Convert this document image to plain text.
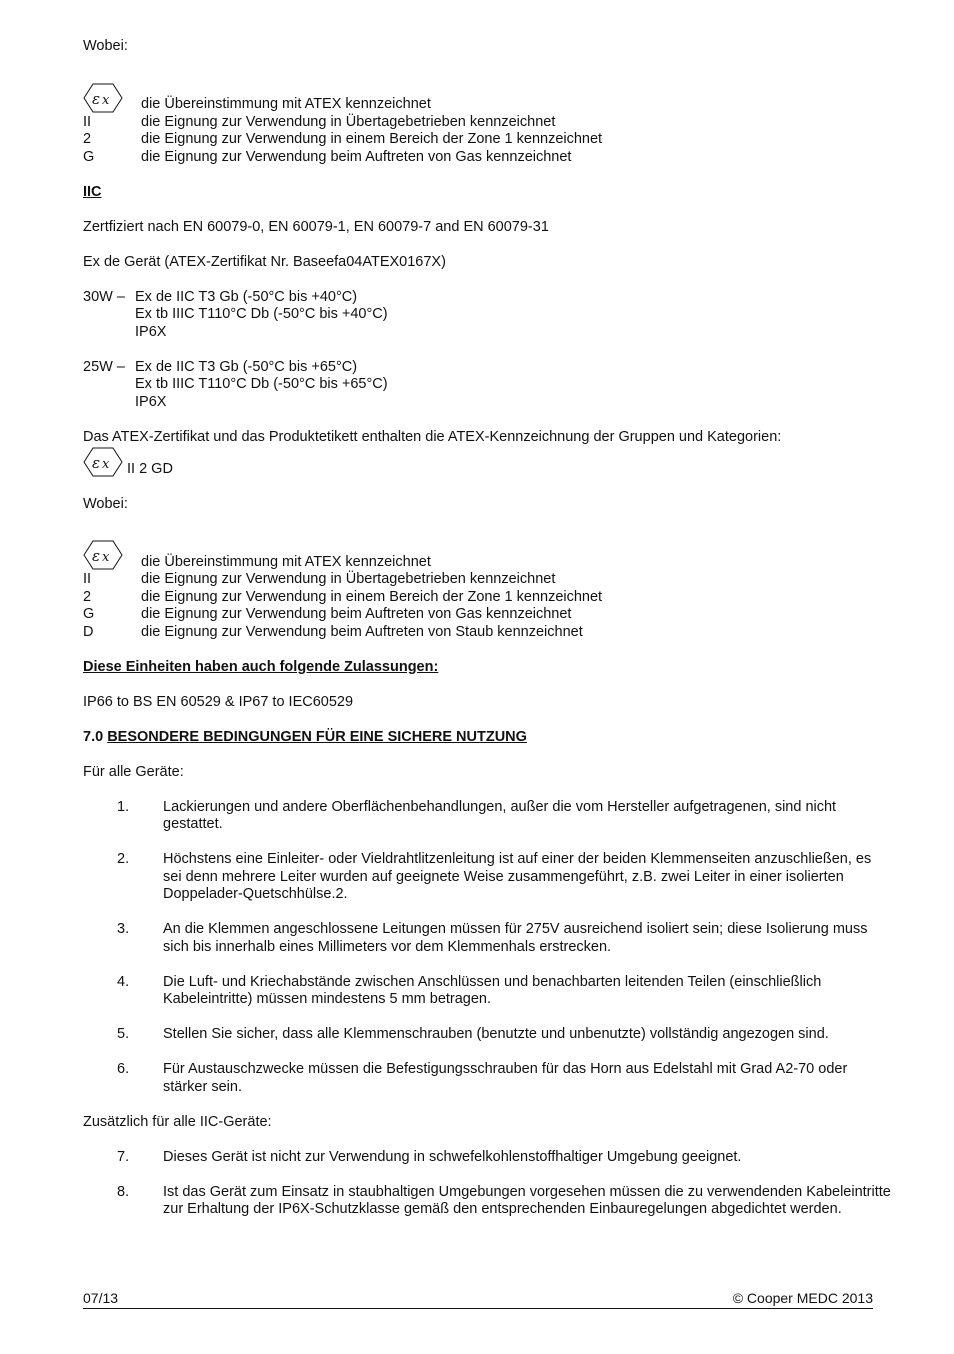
Wobei:

ε x die Übereinstimmung mit ATEX kennzeichnet
II	die Eignung zur Verwendung in Übertagebetrieben kennzeichnet
2	die Eignung zur Verwendung in einem Bereich der Zone 1 kennzeichnet
G	die Eignung zur Verwendung beim Auftreten von Gas kennzeichnet

IIC

Zertfiziert nach EN 60079-0, EN 60079-1, EN 60079-7 and EN 60079-31

Ex de Gerät (ATEX-Zertifikat Nr. Baseefa04ATEX0167X)

30W – Ex de IIC T3 Gb (-50°C bis +40°C)
Ex tb IIIC T110°C Db (-50°C bis +40°C)
IP6X
25W – Ex de IIC T3 Gb (-50°C bis +65°C)
Ex tb IIIC T110°C Db (-50°C bis +65°C)
IP6X

Das ATEX-Zertifikat und das Produktetikett enthalten die ATEX-Kennzeichnung der Gruppen und Kategorien:

ε x II 2 GD

Wobei:

ε x die Übereinstimmung mit ATEX kennzeichnet
II	die Eignung zur Verwendung in Übertagebetrieben kennzeichnet
2	die Eignung zur Verwendung in einem Bereich der Zone 1 kennzeichnet
G	die Eignung zur Verwendung beim Auftreten von Gas kennzeichnet
D	die Eignung zur Verwendung beim Auftreten von Staub kennzeichnet

Diese Einheiten haben auch folgende Zulassungen:

IP66 to BS EN 60529 & IP67 to IEC60529

7.0 BESONDERE BEDINGUNGEN FÜR EINE SICHERE NUTZUNG

Für alle Geräte:

1.	Lackierungen und andere Oberflächenbehandlungen, außer die vom Hersteller aufgetragenen, sind nicht gestattet.
2.	Höchstens eine Einleiter- oder Vieldrahtlitzenleitung ist auf einer der beiden Klemmenseiten anzuschließen, es sei denn mehrere Leiter wurden auf geeignete Weise zusammengeführt, z.B. zwei Leiter in einer isolierten Doppelader-Quetschhülse.2.
3.	An die Klemmen angeschlossene Leitungen müssen für 275V ausreichend isoliert sein; diese Isolierung muss sich bis innerhalb eines Millimeters vor dem Klemmenhals erstrecken.
4.	Die Luft- und Kriechabstände zwischen Anschlüssen und benachbarten leitenden Teilen (einschließlich Kabeleintritte) müssen mindestens 5 mm betragen.
5.	Stellen Sie sicher, dass alle Klemmenschrauben (benutzte und unbenutzte) vollständig angezogen sind.
6.	Für Austauschzwecke müssen die Befestigungsschrauben für das Horn aus Edelstahl mit Grad A2-70 oder stärker sein.

Zusätzlich für alle IIC-Geräte:

7.	Dieses Gerät ist nicht zur Verwendung in schwefelkohlenstoffhaltiger Umgebung geeignet.
8.	Ist das Gerät zum Einsatz in staubhaltigen Umgebungen vorgesehen müssen die zu verwendenden Kabeleintritte zur Erhaltung der IP6X-Schutzklasse gemäß den entsprechenden Einbauregelungen abgedichtet werden.
07/13	© Cooper MEDC 2013
